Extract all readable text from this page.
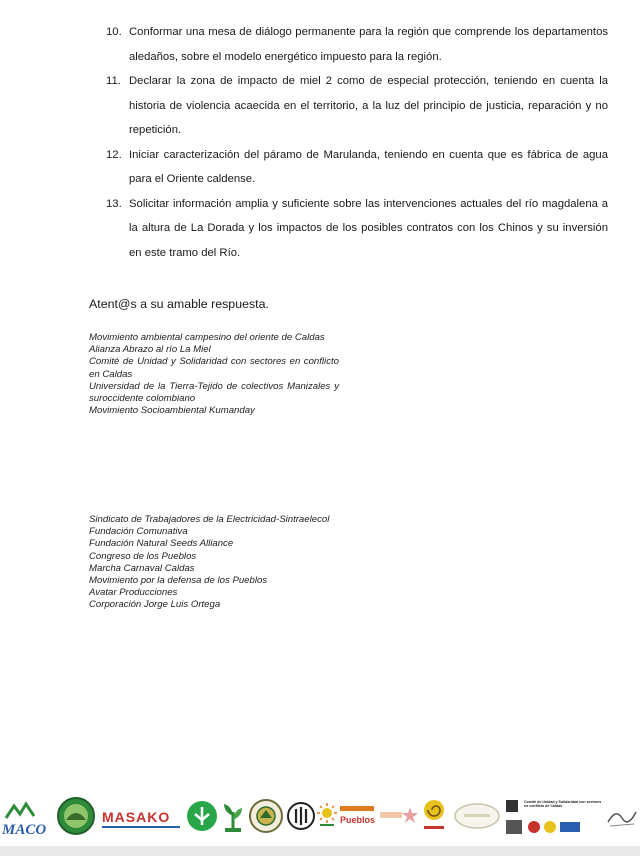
10. Conformar una mesa de diálogo permanente para la región que comprende los departamentos aledaños, sobre el modelo energético impuesto para la región.
11. Declarar la zona de impacto de miel 2 como de especial protección, teniendo en cuenta la historia de violencia acaecida en el territorio, a la luz del principio de justicia, reparación y no repetición.
12. Iniciar caracterización del páramo de Marulanda, teniendo en cuenta que es fábrica de agua para el Oriente caldense.
13. Solicitar información amplia y suficiente sobre las intervenciones actuales del río magdalena a la altura de La Dorada y los impactos de los posibles contratos con los Chinos y su inversión en este tramo del Río.
Atent@s a su amable respuesta.
Movimiento ambiental campesino del oriente de Caldas
Alianza Abrazo al río La Miel
Comité de Unidad y Solidaridad con sectores en conflicto en Caldas
Universidad de la Tierra-Tejido de colectivos Manizales y suroccidente colombiano
Movimiento Socioambiental Kumanday
Sindicato de Trabajadores de la Electricidad-Sintraelecol
Fundación Comunativa
Fundación Natural Seeds Alliance
Congreso de los Pueblos
Marcha Carnaval Caldas
Movimiento por la defensa de los Pueblos
Avatar Producciones
Corporación Jorge Luis Ortega
MACO
MASAKO	Pueblos
Comité de Unidad y Solidaridad con sectores en conflicto de Caldas
